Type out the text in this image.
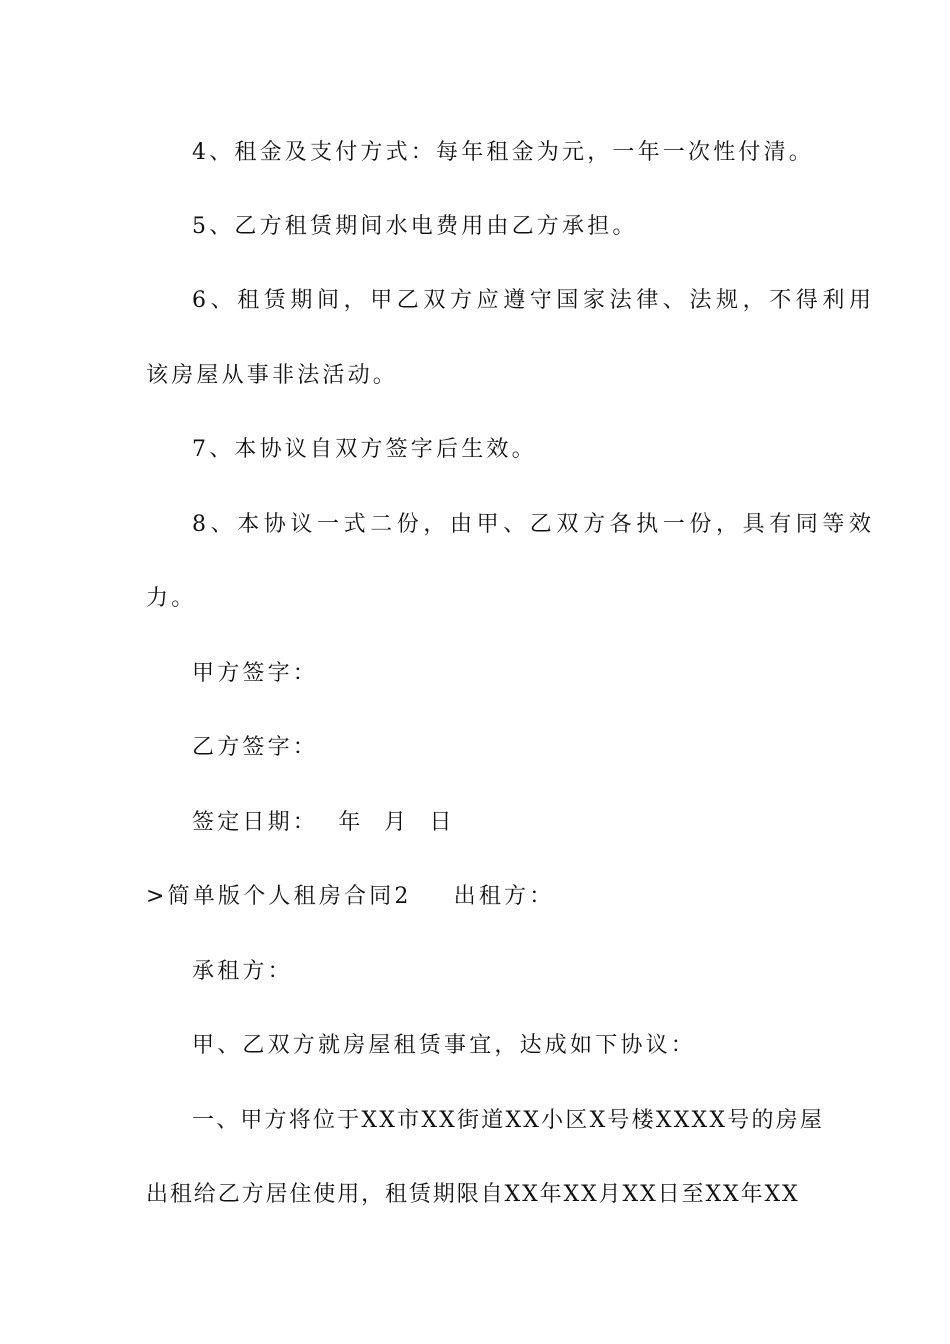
4、租金及支付方式：每年租金为元，一年一次性付清。
5、乙方租赁期间水电费用由乙方承担。
6、租赁期间，甲乙双方应遵守国家法律、法规，不得利用
该房屋从事非法活动。
7、本协议自双方签字后生效。
8、本协议一式二份，由甲、乙双方各执一份，具有同等效
力。
甲方签字：
乙方签字：
签定日期：  年  月  日
>简单版个人租房合同2 出租方：
承租方：
甲、乙双方就房屋租赁事宜，达成如下协议：
一、甲方将位于XX市XX街道XX小区X号楼XXXX号的房屋
出租给乙方居住使用，租赁期限自XX年XX月XX日至XX年XX
